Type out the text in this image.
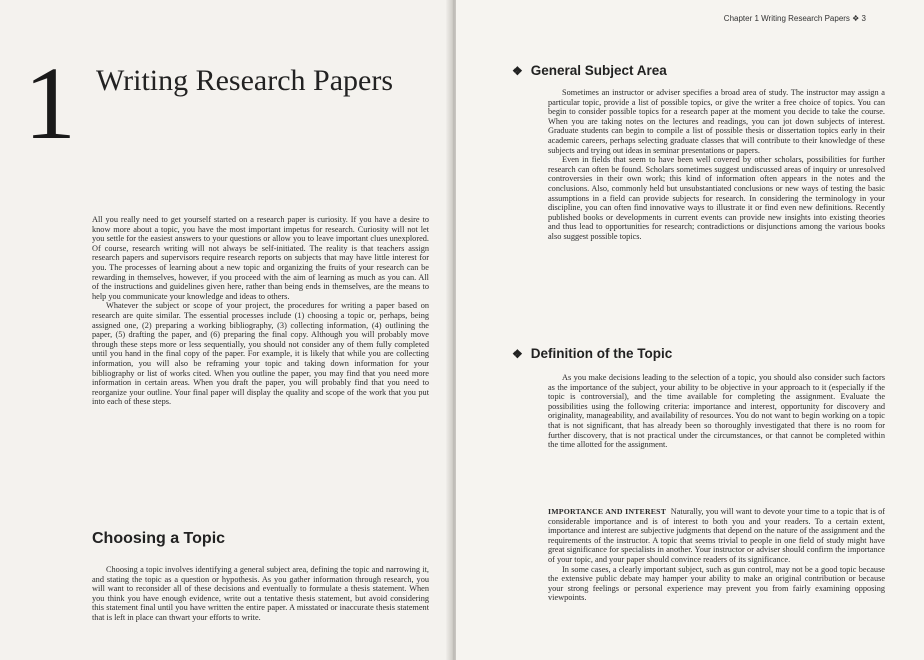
1 Writing Research Papers

All you really need to get yourself started on a research paper is curiosity. If you have a desire to know more about a topic, you have the most important impetus for research. Curiosity will not let you settle for the easiest answers to your questions or allow you to leave important clues unexplored. Of course, research writing will not always be self-initiated. The reality is that teachers assign research papers and supervisors require research reports on subjects that may have little interest for you. The processes of learning about a new topic and organizing the fruits of your research can be rewarding in themselves, however, if you proceed with the aim of learning as much as you can. All of the instructions and guidelines given here, rather than being ends in themselves, are the means to help you communicate your knowledge and ideas to others.

Whatever the subject or scope of your project, the procedures for writing a paper based on research are quite similar. The essential processes include (1) choosing a topic or, perhaps, being assigned one, (2) preparing a working bibliography, (3) collecting information, (4) outlining the paper, (5) drafting the paper, and (6) preparing the final copy. Although you will probably move through these steps more or less sequentially, you should not consider any of them fully completed until you hand in the final copy of the paper. For example, it is likely that while you are collecting information, you will also be reframing your topic and taking down information for your bibliography or list of works cited. When you outline the paper, you may find that you need more information in certain areas. When you draft the paper, you will probably find that you need to reorganize your outline. Your final paper will display the quality and scope of the work that you put into each of these steps.

Choosing a Topic

Choosing a topic involves identifying a general subject area, defining the topic and narrowing it, and stating the topic as a question or hypothesis. As you gather information through research, you will want to reconsider all of these decisions and eventually to formulate a thesis statement. When you think you have enough evidence, write out a tentative thesis statement, but avoid considering this statement final until you have written the entire paper. A misstated or inaccurate thesis statement that is left in place can thwart your efforts to write.

Chapter 1 Writing Research Papers ❖ 3
❖ General Subject Area

Sometimes an instructor or adviser specifies a broad area of study. The instructor may assign a particular topic, provide a list of possible topics, or give the writer a free choice of topics. You can begin to consider possible topics for a research paper at the moment you decide to take the course. When you are taking notes on the lectures and readings, you can jot down subjects of interest. Graduate students can begin to compile a list of possible thesis or dissertation topics early in their academic careers, perhaps selecting graduate classes that will contribute to their knowledge of these subjects and trying out ideas in seminar presentations or papers.

Even in fields that seem to have been well covered by other scholars, possibilities for further research can often be found. Scholars sometimes suggest undiscussed areas of inquiry or unresolved controversies in their own work; this kind of information often appears in the notes and the conclusions. Also, commonly held but unsubstantiated conclusions or new ways of testing the basic assumptions in a field can provide subjects for research. In considering the terminology in your discipline, you can often find innovative ways to illustrate it or find even new definitions. Recently published books or developments in current events can provide new insights into existing theories and thus lead to opportunities for research; contradictions or disjunctions among the various books also suggest possible topics.

❖ Definition of the Topic

As you make decisions leading to the selection of a topic, you should also consider such factors as the importance of the subject, your ability to be objective in your approach to it (especially if the topic is controversial), and the time available for completing the assignment. Evaluate the possibilities using the following criteria: importance and interest, opportunity for discovery and originality, manageability, and availability of resources. You do not want to begin working on a topic that is not significant, that has already been so thoroughly investigated that there is no room for further discovery, that is not practical under the circumstances, or that cannot be completed within the time allotted for the assignment.

IMPORTANCE AND INTEREST Naturally, you will want to devote your time to a topic that is of considerable importance and is of interest to both you and your readers. To a certain extent, importance and interest are subjective judgments that depend on the nature of the assignment and the requirements of the instructor. A topic that seems trivial to people in one field of study might have great significance for specialists in another. Your instructor or adviser should confirm the importance of your topic, and your paper should convince readers of its significance.

In some cases, a clearly important subject, such as gun control, may not be a good topic because the extensive public debate may hamper your ability to make an original contribution or because your strong feelings or personal experience may prevent you from fairly examining opposing viewpoints.
